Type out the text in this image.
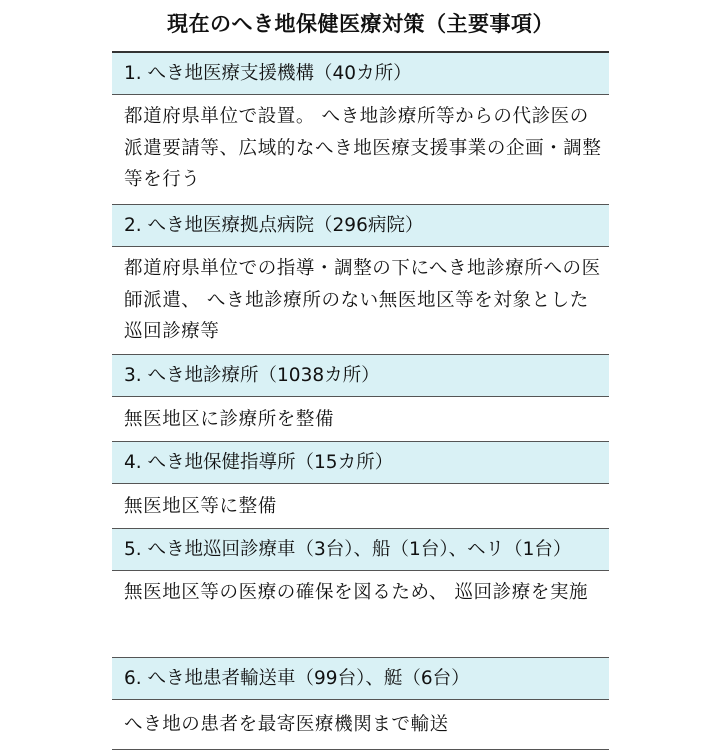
現在のへき地保健医療対策（主要事項）
1. へき地医療支援機構（40カ所）
都道府県単位で設置。 へき地診療所等からの代診医の派遣要請等、広域的なへき地医療支援事業の企画・調整等を行う
2. へき地医療拠点病院（296病院）
都道府県単位での指導・調整の下にへき地診療所への医師派遣、 へき地診療所のない無医地区等を対象とした巡回診療等
3. へき地診療所（1038カ所）
無医地区に診療所を整備
4. へき地保健指導所（15カ所）
無医地区等に整備
5. へき地巡回診療車（3台）、船（1台）、ヘリ（1台）
無医地区等の医療の確保を図るため、 巡回診療を実施
6. へき地患者輸送車（99台）、艇（6台）
へき地の患者を最寄医療機関まで輸送
